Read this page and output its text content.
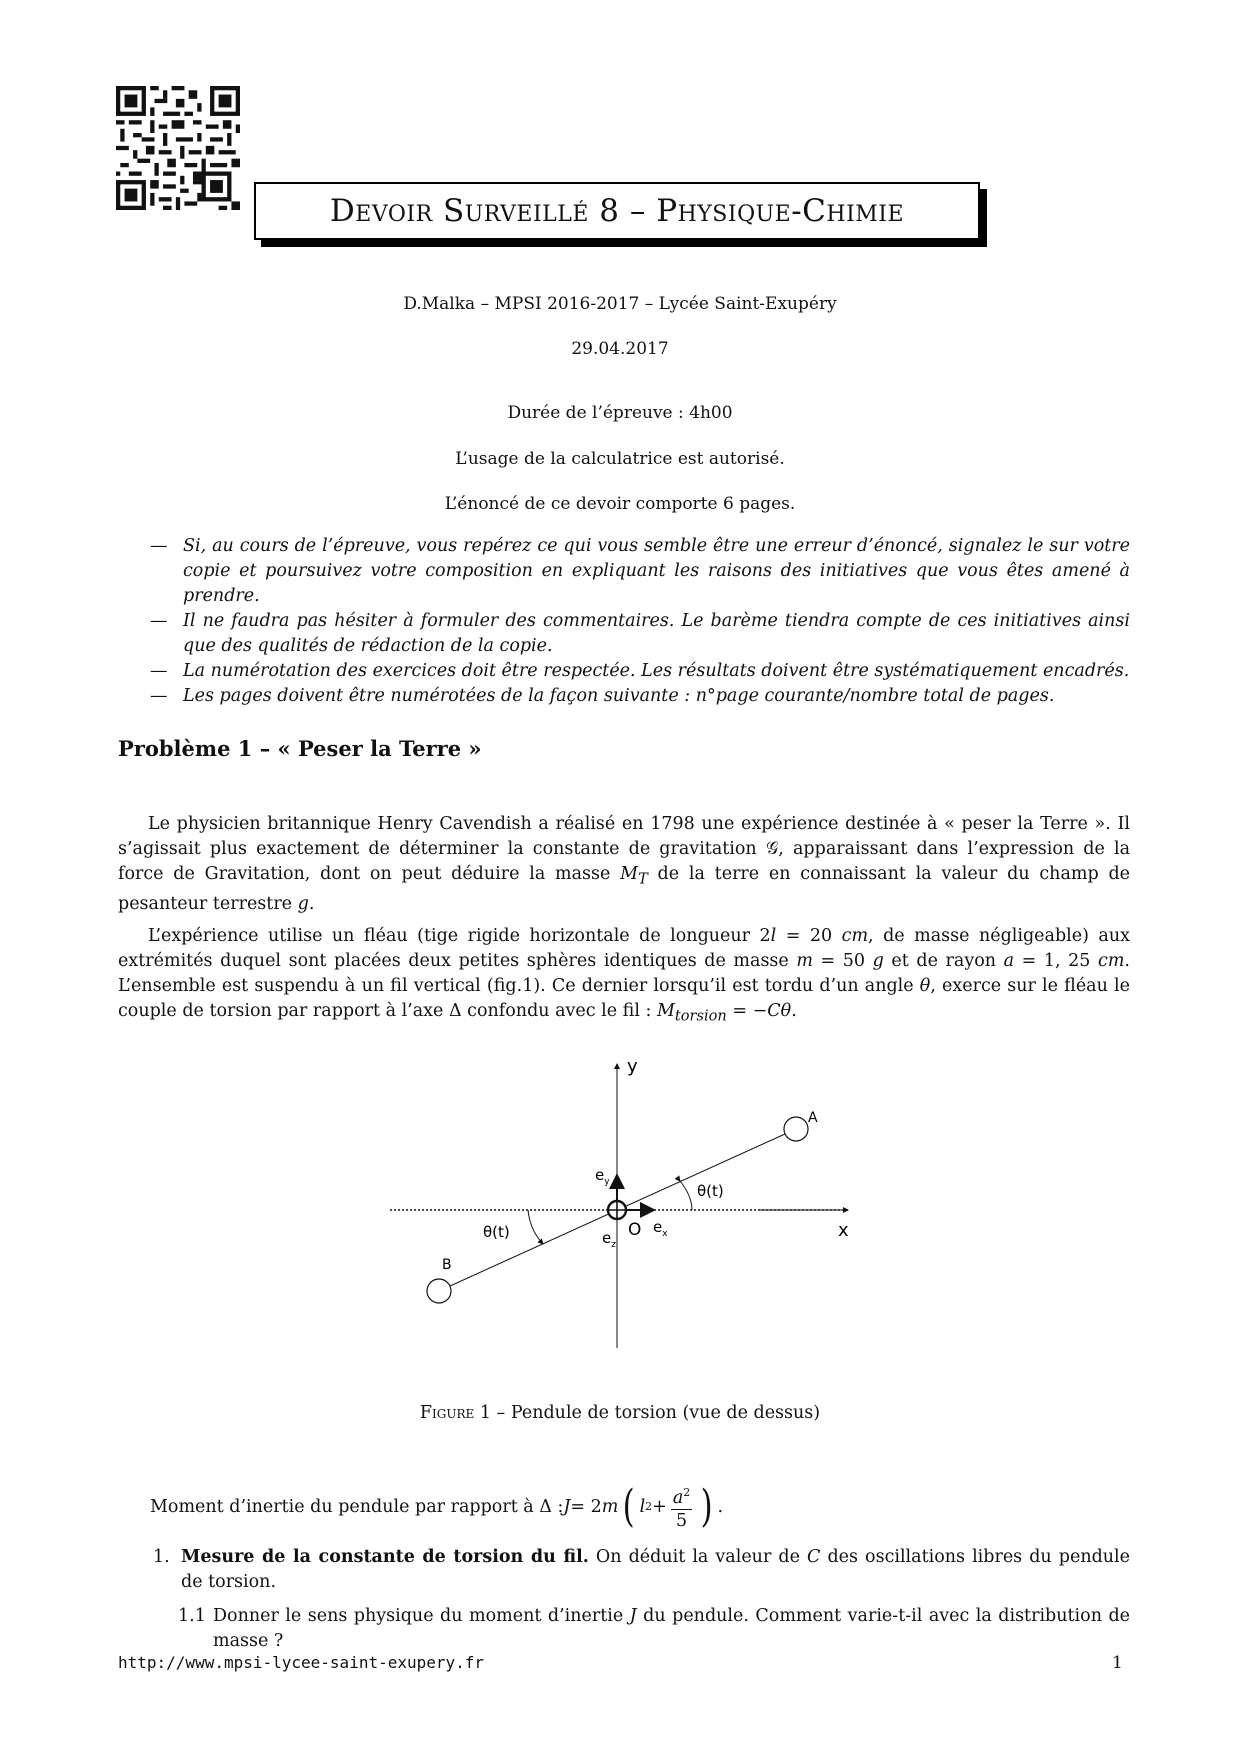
Devoir Surveillé 8 – Physique-Chimie
D.Malka – MPSI 2016-2017 – Lycée Saint-Exupéry
29.04.2017
Durée de l’épreuve : 4h00
L’usage de la calculatrice est autorisé.
L’énoncé de ce devoir comporte 6 pages.
— Si, au cours de l’épreuve, vous repérez ce qui vous semble être une erreur d’énoncé, signalez le sur votre copie et poursuivez votre composition en expliquant les raisons des initiatives que vous êtes amené à prendre.
— Il ne faudra pas hésiter à formuler des commentaires. Le barème tiendra compte de ces initiatives ainsi que des qualités de rédaction de la copie.
— La numérotation des exercices doit être respectée. Les résultats doivent être systématiquement encadrés.
— Les pages doivent être numérotées de la façon suivante : n°page courante/nombre total de pages.
Problème 1 – « Peser la Terre »

Le physicien britannique Henry Cavendish a réalisé en 1798 une expérience destinée à « peser la Terre ». Il s’agissait plus exactement de déterminer la constante de gravitation 𝒢, apparaissant dans l’expression de la force de Gravitation, dont on peut déduire la masse $M_T$ de la terre en connaissant la valeur du champ de pesanteur terrestre g.

L’expérience utilise un fléau (tige rigide horizontale de longueur 2l = 20 cm, de masse négligeable) aux extrémités duquel sont placées deux petites sphères identiques de masse m = 50 g et de rayon a = 1, 25 cm. L’ensemble est suspendu à un fil vertical (fig.1). Ce dernier lorsqu’il est tordu d’un angle θ, exerce sur le fléau le couple de torsion par rapport à l’axe Δ confondu avec le fil : $M_{torsion} = -C\theta$.

y
x
A
B
O
$e_y$
$e_x$
$e_z$
θ(t)
θ(t)
Figure 1 – Pendule de torsion (vue de dessus)
Moment d’inertie du pendule par rapport à Δ : J = 2 m ( l $2 + \frac{a^2}{5}$ ) .
1. Mesure de la constante de torsion du fil. On déduit la valeur de C des oscillations libres du pendule de torsion.
1.1 Donner le sens physique du moment d’inertie J du pendule. Comment varie-t-il avec la distribution de masse ?
http://www.mpsi-lycee-saint-exupery.fr	1
